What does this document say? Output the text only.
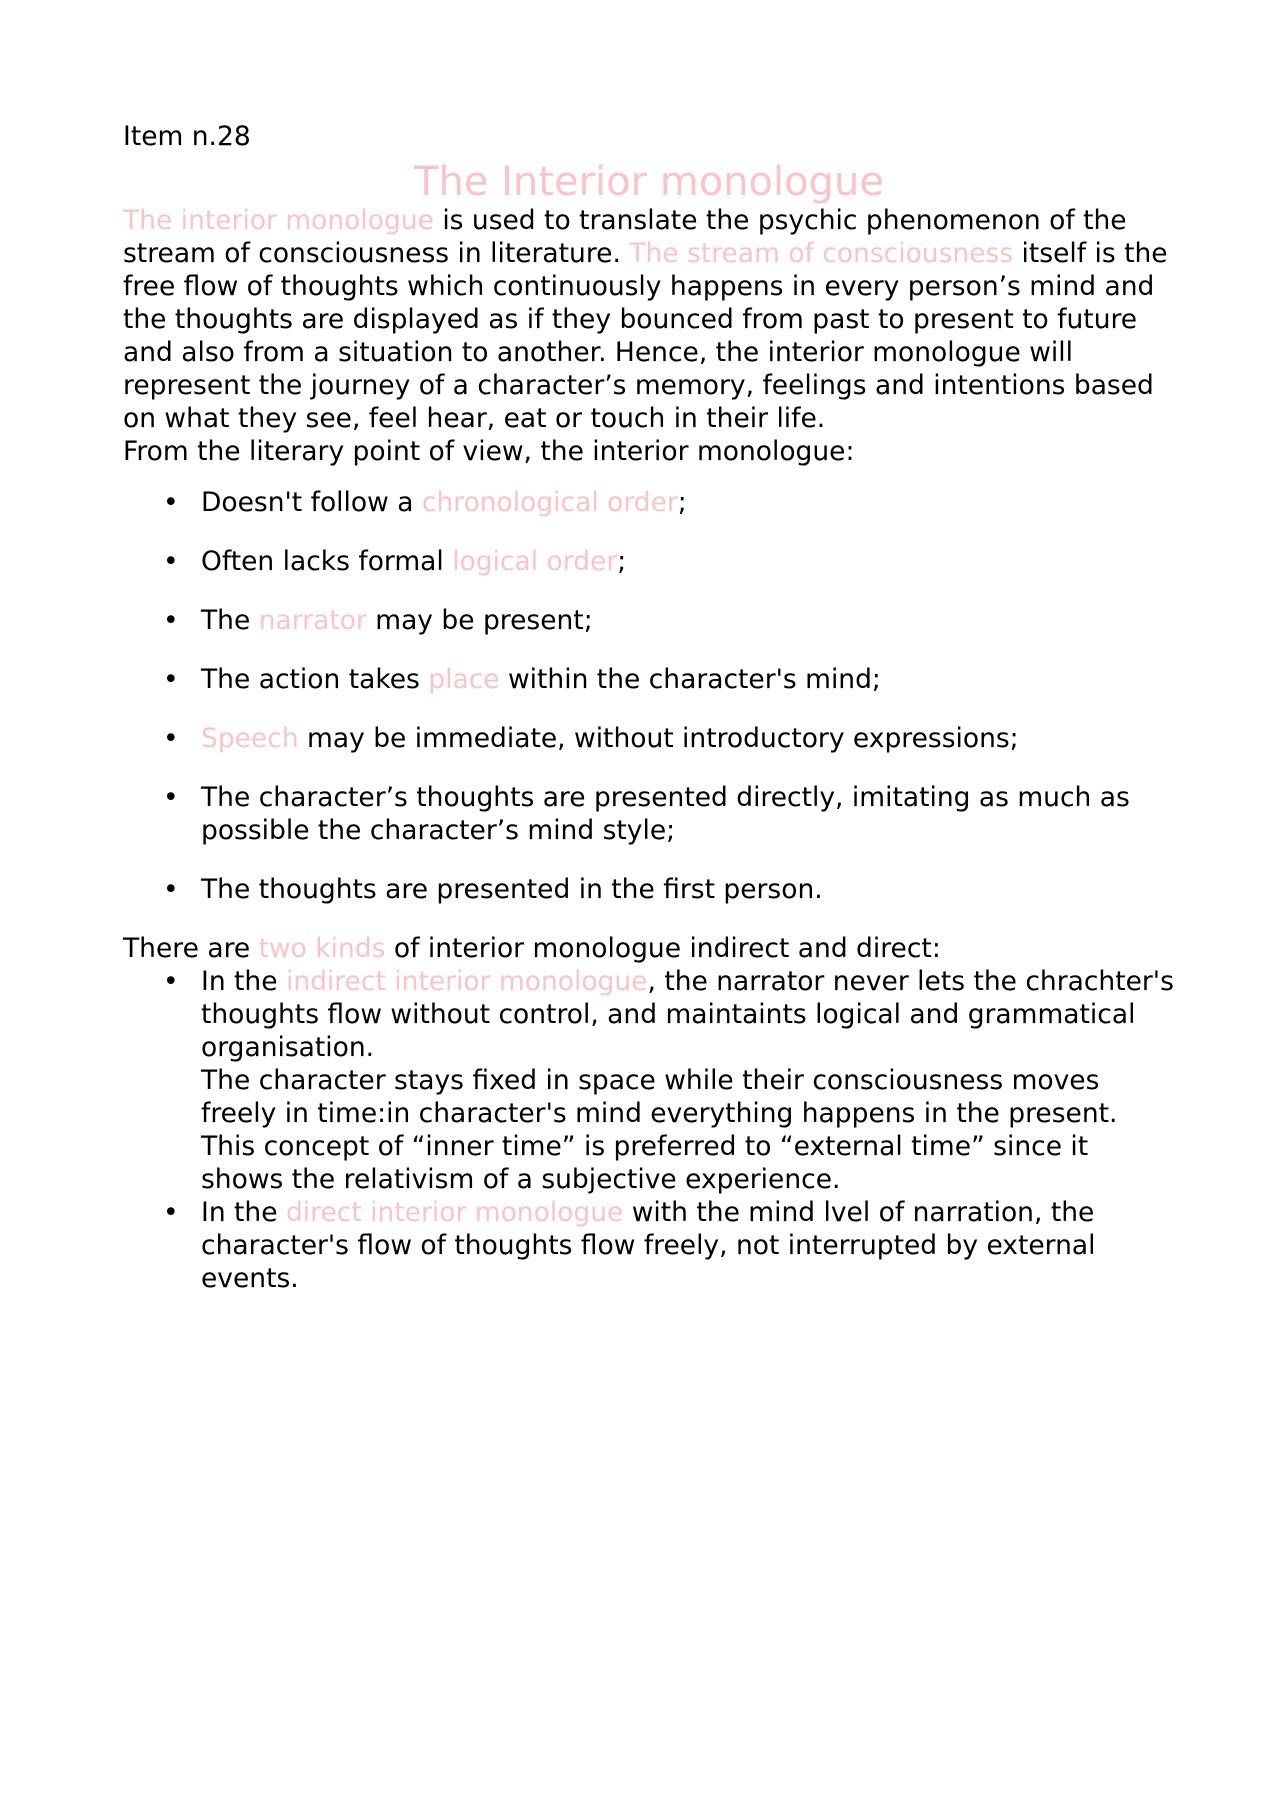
Item n.28

The Interior monologue

The interior monologue is used to translate the psychic phenomenon of the stream of consciousness in literature. The stream of consciousness itself is the free flow of thoughts which continuously happens in every person’s mind and the thoughts are displayed as if they bounced from past to present to future and also from a situation to another. Hence, the interior monologue will represent the journey of a character’s memory, feelings and intentions based on what they see, feel hear, eat or touch in their life.

From the literary point of view, the interior monologue:

• Doesn't follow a chronological order;
• Often lacks formal logical order;
• The narrator may be present;
• The action takes place within the character's mind;
• Speech may be immediate, without introductory expressions;
• The character’s thoughts are presented directly, imitating as much as possible the character’s mind style;
• The thoughts are presented in the first person.

There are two kinds of interior monologue indirect and direct:

• In the indirect interior monologue, the narrator never lets the chrachter's thoughts flow without control, and maintaints logical and grammatical organisation.
The character stays fixed in space while their consciousness moves freely in time:in character's mind everything happens in the present. This concept of “inner time” is preferred to “external time” since it shows the relativism of a subjective experience.
• In the direct interior monologue with the mind lvel of narration, the character's flow of thoughts flow freely, not interrupted by external events.
